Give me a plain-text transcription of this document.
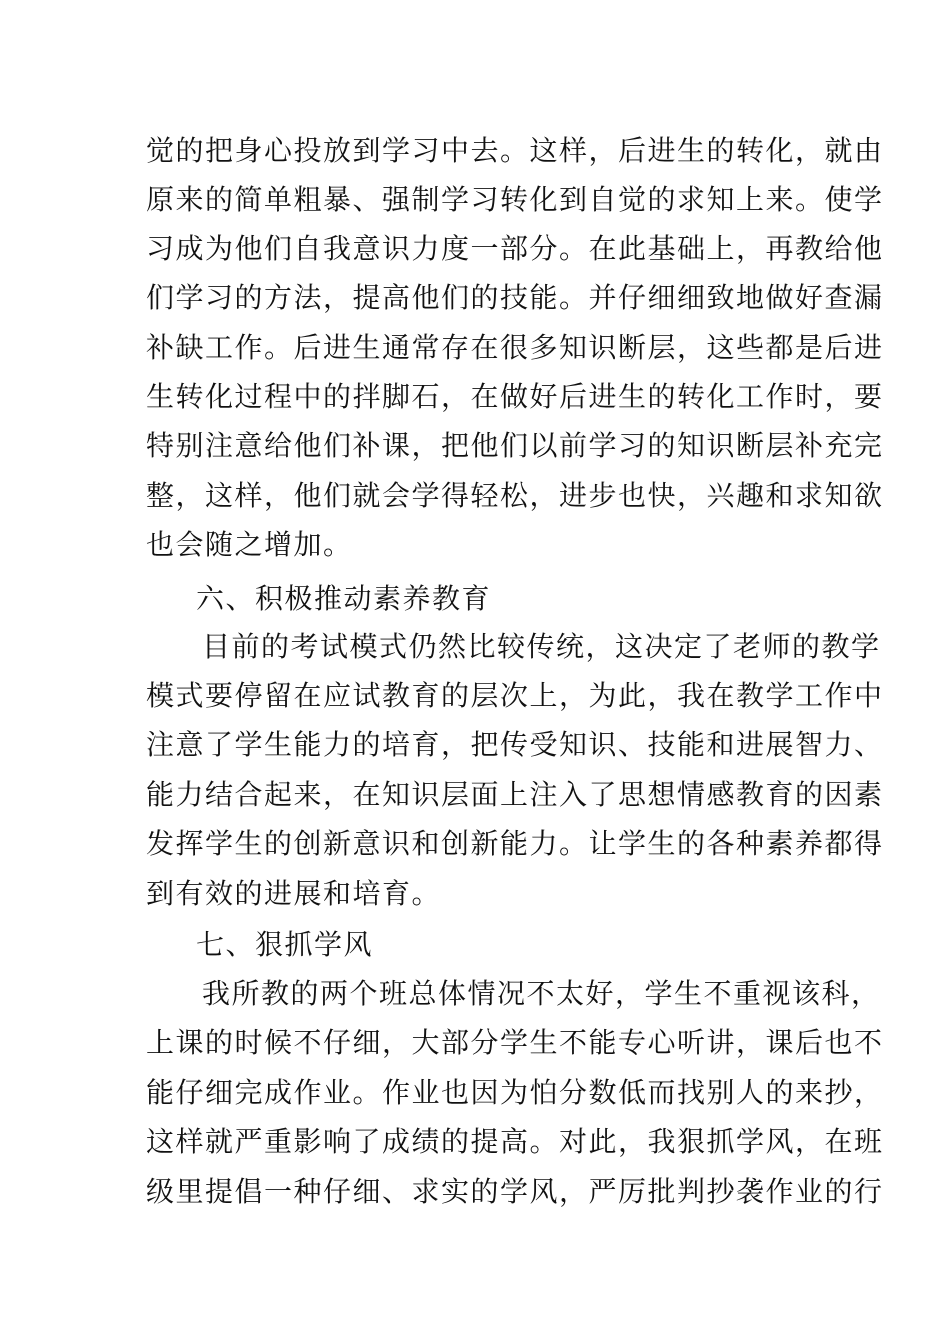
觉的把身心投放到学习中去。这样，后进生的转化，就由
原来的简单粗暴、强制学习转化到自觉的求知上来。使学
习成为他们自我意识力度一部分。在此基础上，再教给他
们学习的方法，提高他们的技能。并仔细细致地做好查漏
补缺工作。后进生通常存在很多知识断层，这些都是后进
生转化过程中的拌脚石，在做好后进生的转化工作时，要
特别注意给他们补课，把他们以前学习的知识断层补充完
整，这样，他们就会学得轻松，进步也快，兴趣和求知欲
也会随之增加。
六、积极推动素养教育
目前的考试模式仍然比较传统，这决定了老师的教学
模式要停留在应试教育的层次上，为此，我在教学工作中
注意了学生能力的培育，把传受知识、技能和进展智力、
能力结合起来，在知识层面上注入了思想情感教育的因素
发挥学生的创新意识和创新能力。让学生的各种素养都得
到有效的进展和培育。
七、狠抓学风
我所教的两个班总体情况不太好，学生不重视该科，
上课的时候不仔细，大部分学生不能专心听讲，课后也不
能仔细完成作业。作业也因为怕分数低而找别人的来抄，
这样就严重影响了成绩的提高。对此，我狠抓学风，在班
级里提倡一种仔细、求实的学风，严厉批判抄袭作业的行
